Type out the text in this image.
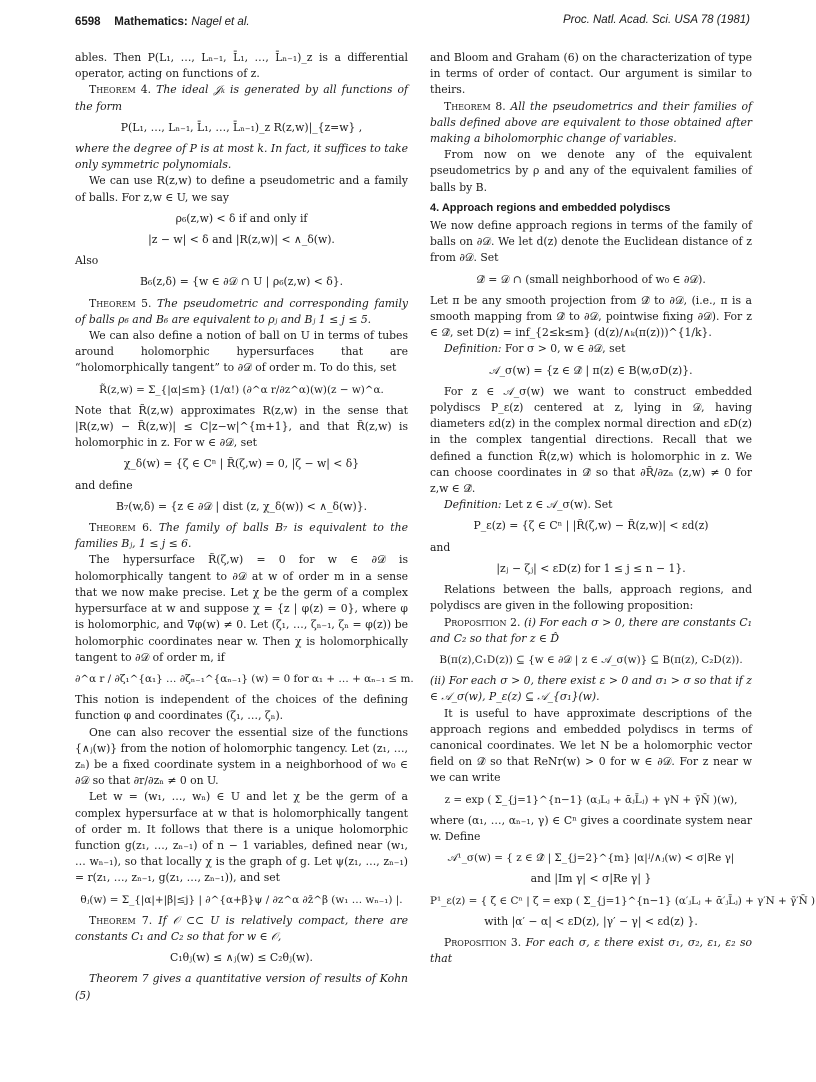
6598 Mathematics: Nagel et al.	Proc. Natl. Acad. Sci. USA 78 (1981)

ables. Then P(L₁, …, Lₙ₋₁, L̄₁, …, L̄ₙ₋₁)_z is a differential operator, acting on functions of z.

Theorem 4. The ideal 𝒥ₖ is generated by all functions of the form

P(L₁, …, Lₙ₋₁, L̄₁, …, L̄ₙ₋₁)_z R(z,w)|_{z=w} ,

where the degree of P is at most k. In fact, it suffices to take only symmetric polynomials.

We can use R(z,w) to define a pseudometric and a family of balls. For z,w ∈ U, we say

ρ₆(z,w) < δ if and only if
|z − w| < δ and |R(z,w)| < ∧_δ(w).

Also

B₆(z,δ) = {w ∈ ∂𝒟 ∩ U | ρ₆(z,w) < δ}.

Theorem 5. The pseudometric and corresponding family of balls ρ₆ and B₆ are equivalent to ρⱼ and Bⱼ 1 ≤ j ≤ 5.

We can also define a notion of ball on U in terms of tubes around holomorphic hypersurfaces that are “holomorphically tangent” to ∂𝒟 of order m. To do this, set

R̃(z,w) = Σ_{|α|≤m} (1/α!) (∂^α r/∂z^α)(w)(z − w)^α.

Note that R̃(z,w) approximates R(z,w) in the sense that |R(z,w) − R̃(z,w)| ≤ C|z−w|^{m+1}, and that R̃(z,w) is holomorphic in z. For w ∈ ∂𝒟, set

χ_δ(w) = {ζ ∈ Cⁿ | R̃(ζ,w) = 0, |ζ − w| < δ}

and define

B₇(w,δ) = {z ∈ ∂𝒟 | dist (z, χ_δ(w)) < ∧_δ(w)}.

Theorem 6. The family of balls B₇ is equivalent to the families Bⱼ, 1 ≤ j ≤ 6.

The hypersurface R̃(ζ,w) = 0 for w ∈ ∂𝒟 is holomorphically tangent to ∂𝒟 at w of order m in a sense that we now make precise. Let χ be the germ of a complex hypersurface at w and suppose χ = {z | φ(z) = 0}, where φ is holomorphic, and ∇φ(w) ≠ 0. Let (ζ₁, …, ζₙ₋₁, ζₙ = φ(z)) be holomorphic coordinates near w. Then χ is holomorphically tangent to ∂𝒟 of order m, if

∂^α r / ∂ζ₁^{α₁} … ∂ζₙ₋₁^{αₙ₋₁} (w) = 0 for α₁ + … + αₙ₋₁ ≤ m.

This notion is independent of the choices of the defining function φ and coordinates (ζ₁, …, ζₙ).

One can also recover the essential size of the functions {∧ⱼ(w)} from the notion of holomorphic tangency. Let (z₁, …, zₙ) be a fixed coordinate system in a neighborhood of w₀ ∈ ∂𝒟 so that ∂r/∂zₙ ≠ 0 on U.

Let w = (w₁, …, wₙ) ∈ U and let χ be the germ of a complex hypersurface at w that is holomorphically tangent of order m. It follows that there is a unique holomorphic function g(z₁, …, zₙ₋₁) of n − 1 variables, defined near (w₁, … wₙ₋₁), so that locally χ is the graph of g. Let ψ(z₁, …, zₙ₋₁) = r(z₁, …, zₙ₋₁, g(z₁, …, zₙ₋₁)), and set

θⱼ(w) = Σ_{|α|+|β|≤j} | ∂^{α+β}ψ / ∂z^α ∂z̄^β (w₁ … wₙ₋₁) |.

Theorem 7. If 𝒪 ⊂⊂ U is relatively compact, there are constants C₁ and C₂ so that for w ∈ 𝒪,

C₁θⱼ(w) ≤ ∧ⱼ(w) ≤ C₂θⱼ(w).

Theorem 7 gives a quantitative version of results of Kohn (5)

and Bloom and Graham (6) on the characterization of type in terms of order of contact. Our argument is similar to theirs.

Theorem 8. All the pseudometrics and their families of balls defined above are equivalent to those obtained after making a biholomorphic change of variables.

From now on we denote any of the equivalent pseudometrics by ρ and any of the equivalent families of balls by B.

4. Approach regions and embedded polydiscs

We now define approach regions in terms of the family of balls on ∂𝒟. We let d(z) denote the Euclidean distance of z from ∂𝒟. Set

𝒟̂ = 𝒟 ∩ (small neighborhood of w₀ ∈ ∂𝒟).

Let π be any smooth projection from 𝒟̂ to ∂𝒟, (i.e., π is a smooth mapping from 𝒟̂ to ∂𝒟, pointwise fixing ∂𝒟). For z ∈ 𝒟̂, set D(z) = inf_{2≤k≤m} (d(z)/∧ₖ(π(z)))^{1/k}.

Definition: For σ > 0, w ∈ ∂𝒟, set

𝒜_σ(w) = {z ∈ 𝒟̂ | π(z) ∈ B(w,σD(z)}.

For z ∈ 𝒜_σ(w) we want to construct embedded polydiscs P_ε(z) centered at z, lying in 𝒟, having diameters εd(z) in the complex normal direction and εD(z) in the complex tangential directions. Recall that we defined a function R̃(z,w) which is holomorphic in z. We can choose coordinates in 𝒟̂ so that ∂R̃/∂zₙ (z,w) ≠ 0 for z,w ∈ 𝒟̂.

Definition: Let z ∈ 𝒜_σ(w). Set

P_ε(z) = {ζ ∈ Cⁿ | |R̃(ζ,w) − R̃(z,w)| < εd(z)

and

|zⱼ − ζⱼ| < εD(z) for 1 ≤ j ≤ n − 1}.

Relations between the balls, approach regions, and polydiscs are given in the following proposition:

Proposition 2. (i) For each σ > 0, there are constants C₁ and C₂ so that for z ∈ D̂

B(π(z),C₁D(z)) ⊆ {w ∈ ∂𝒟 | z ∈ 𝒜_σ(w)} ⊆ B(π(z), C₂D(z)).

(ii) For each σ > 0, there exist ε > 0 and σ₁ > σ so that if z ∈ 𝒜_σ(w), P_ε(z) ⊆ 𝒜_{σ₁}(w).

It is useful to have approximate descriptions of the approach regions and embedded polydiscs in terms of canonical coordinates. We let N be a holomorphic vector field on 𝒟̂ so that ReNr(w) > 0 for w ∈ ∂𝒟. For z near w we can write

z = exp ( Σ_{j=1}^{n−1} (αⱼLⱼ + ᾱⱼL̄ⱼ) + γN + γ̄N̄ )(w),

where (α₁, …, αₙ₋₁, γ) ∈ Cⁿ gives a coordinate system near w. Define

𝒜¹_σ(w) = { z ∈ 𝒟̂ | Σ_{j=2}^{m} |α|ʲ/∧ⱼ(w) < σ|Re γ|
and |Im γ| < σ|Re γ| }
P¹_ε(z) = { ζ ∈ Cⁿ | ζ = exp ( Σ_{j=1}^{n−1} (α′ⱼLⱼ + ᾱ′ⱼL̄ⱼ) + γ′N + γ̄′N̄ )
with |α′ − α| < εD(z), |γ′ − γ| < εd(z) }.

Proposition 3. For each σ, ε there exist σ₁, σ₂, ε₁, ε₂ so that
